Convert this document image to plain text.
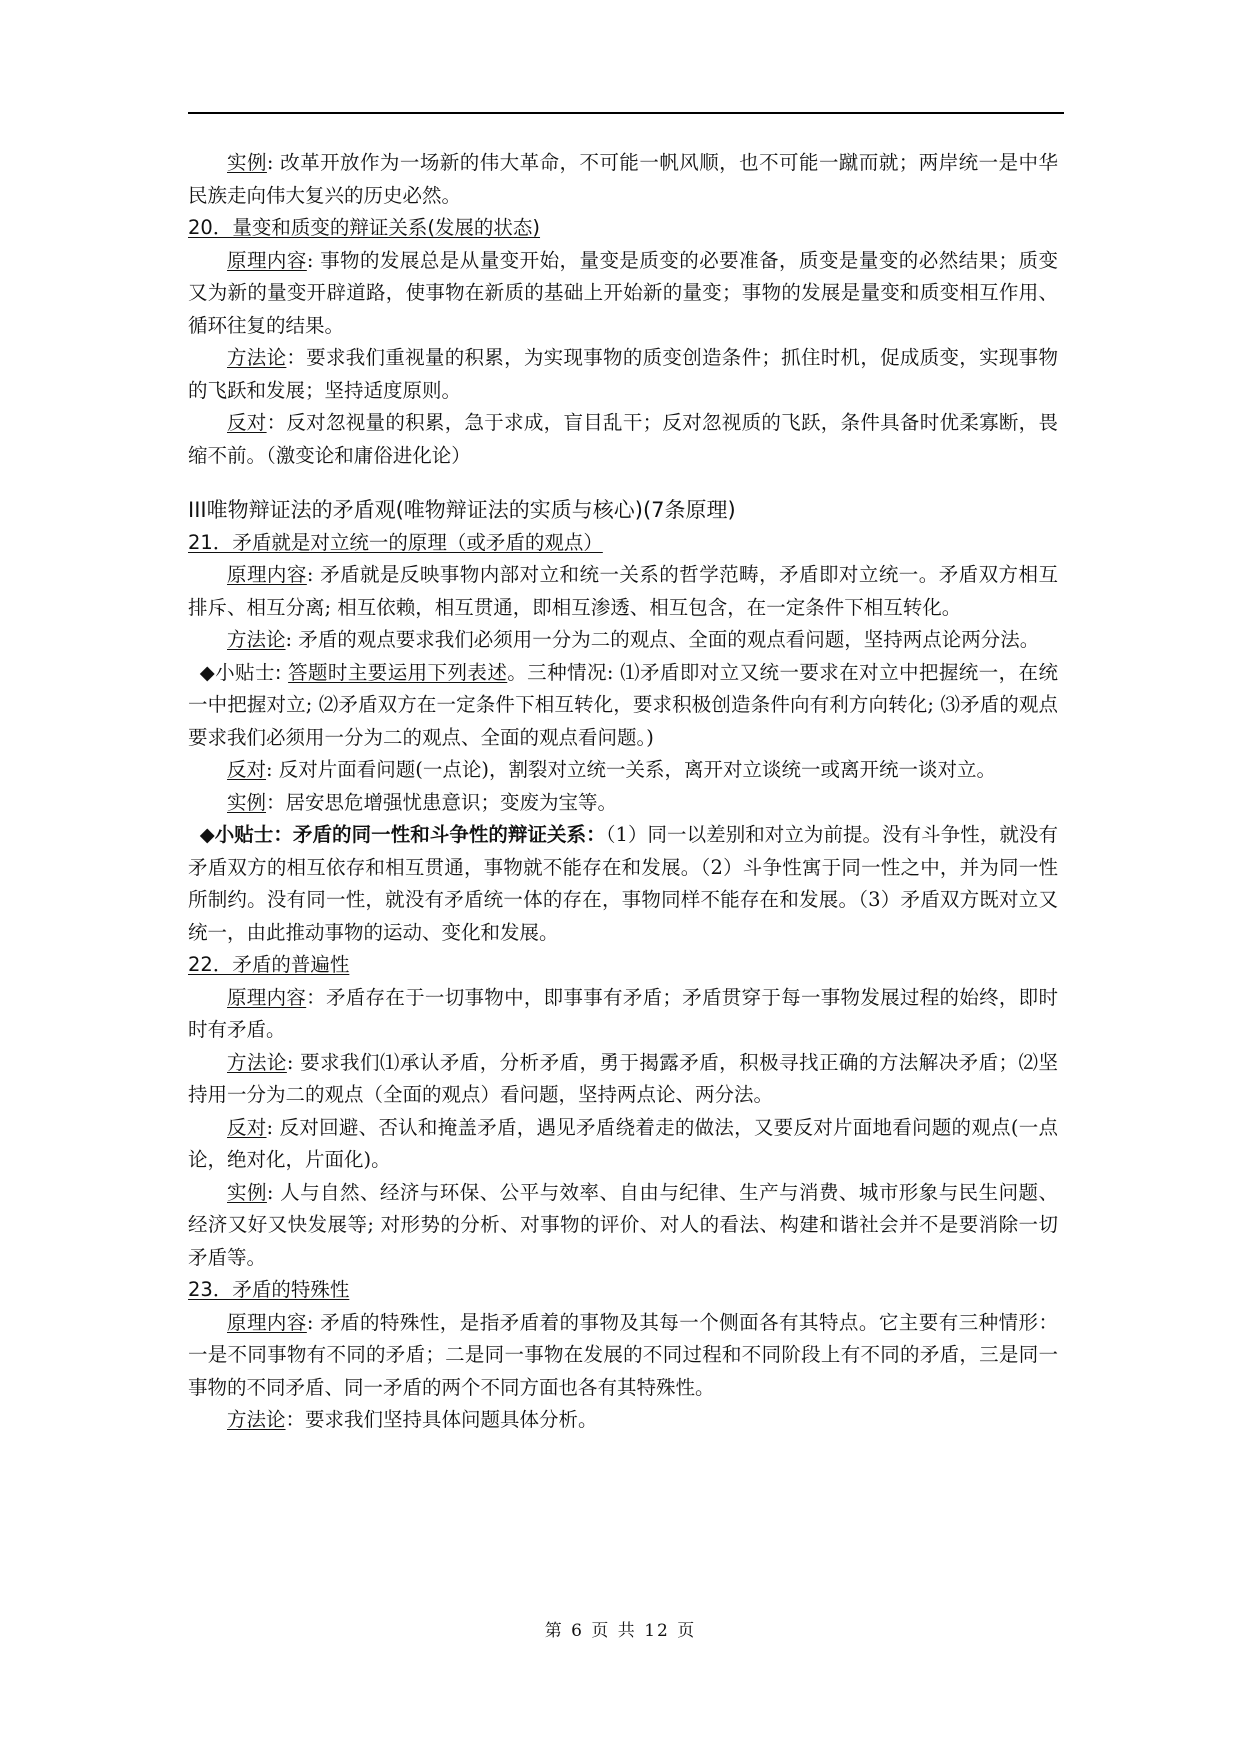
实例: 改革开放作为一场新的伟大革命，不可能一帆风顺，也不可能一蹴而就；两岸统一是中华民族走向伟大复兴的历史必然。

20．量变和质变的辩证关系(发展的状态)

原理内容: 事物的发展总是从量变开始，量变是质变的必要准备，质变是量变的必然结果；质变又为新的量变开辟道路，使事物在新质的基础上开始新的量变；事物的发展是量变和质变相互作用、循环往复的结果。

方法论：要求我们重视量的积累，为实现事物的质变创造条件；抓住时机，促成质变，实现事物的飞跃和发展；坚持适度原则。

反对：反对忽视量的积累，急于求成，盲目乱干；反对忽视质的飞跃，条件具备时优柔寡断，畏缩不前。（激变论和庸俗进化论）

III唯物辩证法的矛盾观(唯物辩证法的实质与核心)(7条原理)

21．矛盾就是对立统一的原理（或矛盾的观点）

原理内容: 矛盾就是反映事物内部对立和统一关系的哲学范畴，矛盾即对立统一。矛盾双方相互排斥、相互分离; 相互依赖，相互贯通，即相互渗透、相互包含，在一定条件下相互转化。

方法论: 矛盾的观点要求我们必须用一分为二的观点、全面的观点看问题，坚持两点论两分法。

◆小贴士: 答题时主要运用下列表述。三种情况: ⑴矛盾即对立又统一要求在对立中把握统一，在统一中把握对立; ⑵矛盾双方在一定条件下相互转化，要求积极创造条件向有利方向转化; ⑶矛盾的观点要求我们必须用一分为二的观点、全面的观点看问题。)

反对: 反对片面看问题(一点论)，割裂对立统一关系，离开对立谈统一或离开统一谈对立。

实例：居安思危增强忧患意识；变废为宝等。

◆小贴士：矛盾的同一性和斗争性的辩证关系：（1）同一以差别和对立为前提。没有斗争性，就没有矛盾双方的相互依存和相互贯通，事物就不能存在和发展。（2）斗争性寓于同一性之中，并为同一性所制约。没有同一性，就没有矛盾统一体的存在，事物同样不能存在和发展。（3）矛盾双方既对立又统一，由此推动事物的运动、变化和发展。

22．矛盾的普遍性

原理内容：矛盾存在于一切事物中，即事事有矛盾；矛盾贯穿于每一事物发展过程的始终，即时时有矛盾。

方法论: 要求我们⑴承认矛盾，分析矛盾，勇于揭露矛盾，积极寻找正确的方法解决矛盾；⑵坚持用一分为二的观点（全面的观点）看问题，坚持两点论、两分法。

反对: 反对回避、否认和掩盖矛盾，遇见矛盾绕着走的做法，又要反对片面地看问题的观点(一点论，绝对化，片面化)。

实例: 人与自然、经济与环保、公平与效率、自由与纪律、生产与消费、城市形象与民生问题、经济又好又快发展等; 对形势的分析、对事物的评价、对人的看法、构建和谐社会并不是要消除一切矛盾等。

23．矛盾的特殊性

原理内容: 矛盾的特殊性，是指矛盾着的事物及其每一个侧面各有其特点。它主要有三种情形：一是不同事物有不同的矛盾；二是同一事物在发展的不同过程和不同阶段上有不同的矛盾，三是同一事物的不同矛盾、同一矛盾的两个不同方面也各有其特殊性。

方法论：要求我们坚持具体问题具体分析。

第 6 页 共 12 页
